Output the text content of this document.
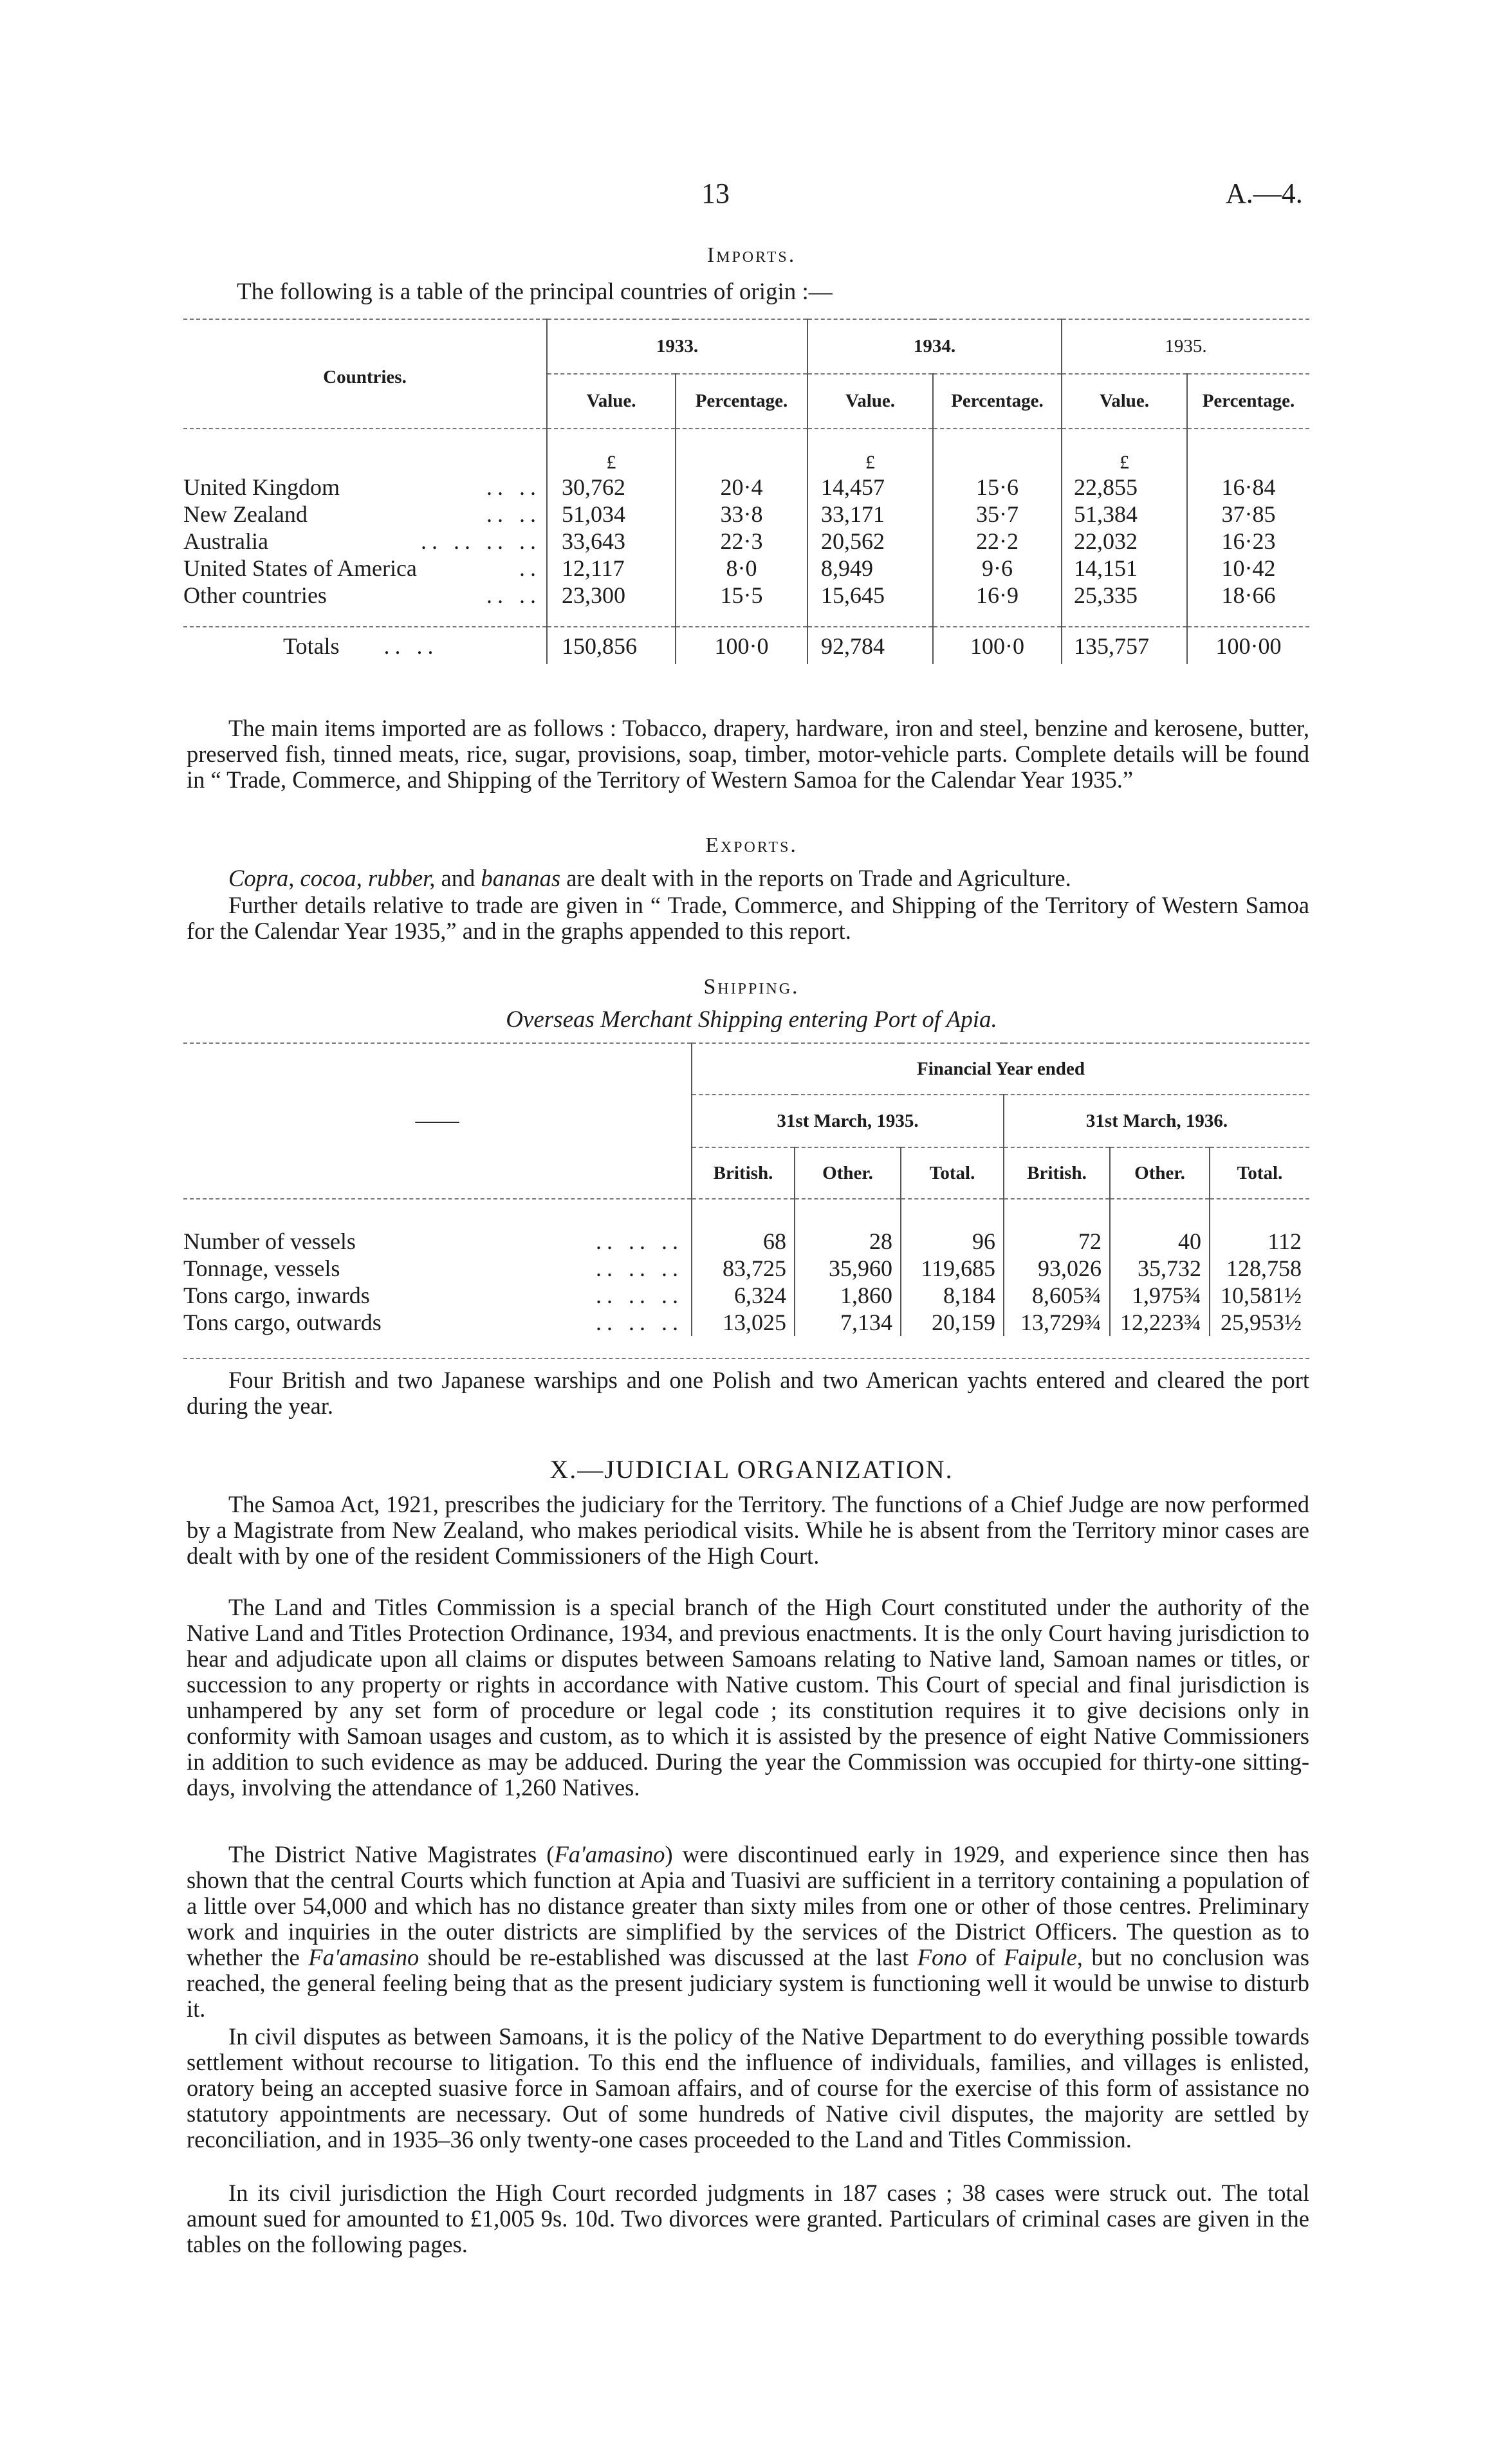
13	A.—4.
Imports.
The following is a table of the principal countries of origin :—
Countries.	1933.		1934.		1935.	
	Value.	Percentage.	Value.	Percentage.	Value.	Percentage.
	£		£		£	
United Kingdom .. ..	30,762	20·4	14,457	15·6	22,855	16·84
New Zealand .. ..	51,034	33·8	33,171	35·7	51,384	37·85
Australia .. .. .. ..	33,643	22·3	20,562	22·2	22,032	16·23
United States of America ..	12,117	8·0	8,949	9·6	14,151	10·42
Other countries .. ..	23,300	15·5	15,645	16·9	25,335	18·66

Totals .. ..	150,856	100·0	92,784	100·0	135,757	100·00
The main items imported are as follows : Tobacco, drapery, hardware, iron and steel, benzine and kerosene, butter, preserved fish, tinned meats, rice, sugar, provisions, soap, timber, motor-vehicle parts. Complete details will be found in “ Trade, Commerce, and Shipping of the Territory of Western Samoa for the Calendar Year 1935.”
Exports.
Copra, cocoa, rubber, and bananas are dealt with in the reports on Trade and Agriculture.
Further details relative to trade are given in “ Trade, Commerce, and Shipping of the Territory of Western Samoa for the Calendar Year 1935,” and in the graphs appended to this report.
Shipping.
Overseas Merchant Shipping entering Port of Apia.
——	Financial Year ended					
	31st March, 1935.			31st March, 1936.		
	British.	Other.	Total.	British.	Other.	Total.

Number of vessels .. .. ..	68	28	96	72	40	112
Tonnage, vessels .. .. ..	83,725	35,960	119,685	93,026	35,732	128,758
Tons cargo, inwards .. .. ..	6,324	1,860	8,184	8,605¾	1,975¾	10,581½
Tons cargo, outwards .. .. ..	13,025	7,134	20,159	13,729¾	12,223¾	25,953½
Four British and two Japanese warships and one Polish and two American yachts entered and cleared the port during the year.
X.—JUDICIAL ORGANIZATION.
The Samoa Act, 1921, prescribes the judiciary for the Territory. The functions of a Chief Judge are now performed by a Magistrate from New Zealand, who makes periodical visits. While he is absent from the Territory minor cases are dealt with by one of the resident Commissioners of the High Court.
The Land and Titles Commission is a special branch of the High Court constituted under the authority of the Native Land and Titles Protection Ordinance, 1934, and previous enactments. It is the only Court having jurisdiction to hear and adjudicate upon all claims or disputes between Samoans relating to Native land, Samoan names or titles, or succession to any property or rights in accordance with Native custom. This Court of special and final jurisdiction is unhampered by any set form of procedure or legal code ; its constitution requires it to give decisions only in conformity with Samoan usages and custom, as to which it is assisted by the presence of eight Native Commissioners in addition to such evidence as may be adduced. During the year the Commission was occupied for thirty-one sitting-days, involving the attendance of 1,260 Natives.
The District Native Magistrates (Fa'amasino) were discontinued early in 1929, and experience since then has shown that the central Courts which function at Apia and Tuasivi are sufficient in a territory containing a population of a little over 54,000 and which has no distance greater than sixty miles from one or other of those centres. Preliminary work and inquiries in the outer districts are simplified by the services of the District Officers. The question as to whether the Fa'amasino should be re-established was discussed at the last Fono of Faipule, but no conclusion was reached, the general feeling being that as the present judiciary system is functioning well it would be unwise to disturb it.
In civil disputes as between Samoans, it is the policy of the Native Department to do everything possible towards settlement without recourse to litigation. To this end the influence of individuals, families, and villages is enlisted, oratory being an accepted suasive force in Samoan affairs, and of course for the exercise of this form of assistance no statutory appointments are necessary. Out of some hundreds of Native civil disputes, the majority are settled by reconciliation, and in 1935–36 only twenty-one cases proceeded to the Land and Titles Commission.
In its civil jurisdiction the High Court recorded judgments in 187 cases ; 38 cases were struck out. The total amount sued for amounted to £1,005 9s. 10d. Two divorces were granted. Particulars of criminal cases are given in the tables on the following pages.
